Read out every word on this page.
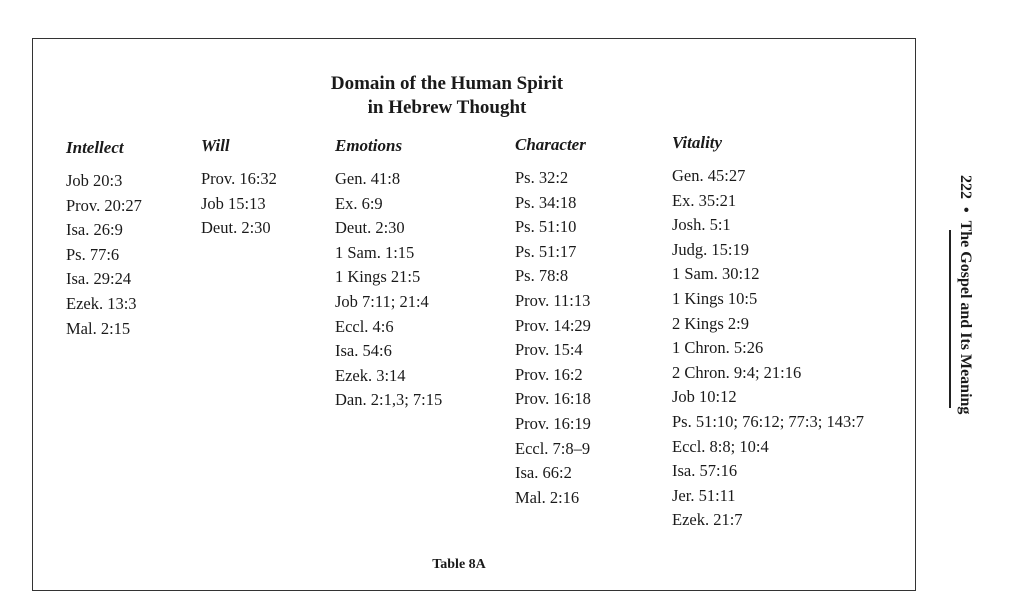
Domain of the Human Spirit
in Hebrew Thought
Intellect
Job 20:3
Prov. 20:27
Isa. 26:9
Ps. 77:6
Isa. 29:24
Ezek. 13:3
Mal. 2:15
Will
Prov. 16:32
Job 15:13
Deut. 2:30
Emotions
Gen. 41:8
Ex. 6:9
Deut. 2:30
1 Sam. 1:15
1 Kings 21:5
Job 7:11; 21:4
Eccl. 4:6
Isa. 54:6
Ezek. 3:14
Dan. 2:1,3; 7:15
Character
Ps. 32:2
Ps. 34:18
Ps. 51:10
Ps. 51:17
Ps. 78:8
Prov. 11:13
Prov. 14:29
Prov. 15:4
Prov. 16:2
Prov. 16:18
Prov. 16:19
Eccl. 7:8–9
Isa. 66:2
Mal. 2:16
Vitality
Gen. 45:27
Ex. 35:21
Josh. 5:1
Judg. 15:19
1 Sam. 30:12
1 Kings 10:5
2 Kings 2:9
1 Chron. 5:26
2 Chron. 9:4; 21:16
Job 10:12
Ps. 51:10; 76:12; 77:3; 143:7
Eccl. 8:8; 10:4
Isa. 57:16
Jer. 51:11
Ezek. 21:7
Table 8A
222•The Gospel and Its Meaning
